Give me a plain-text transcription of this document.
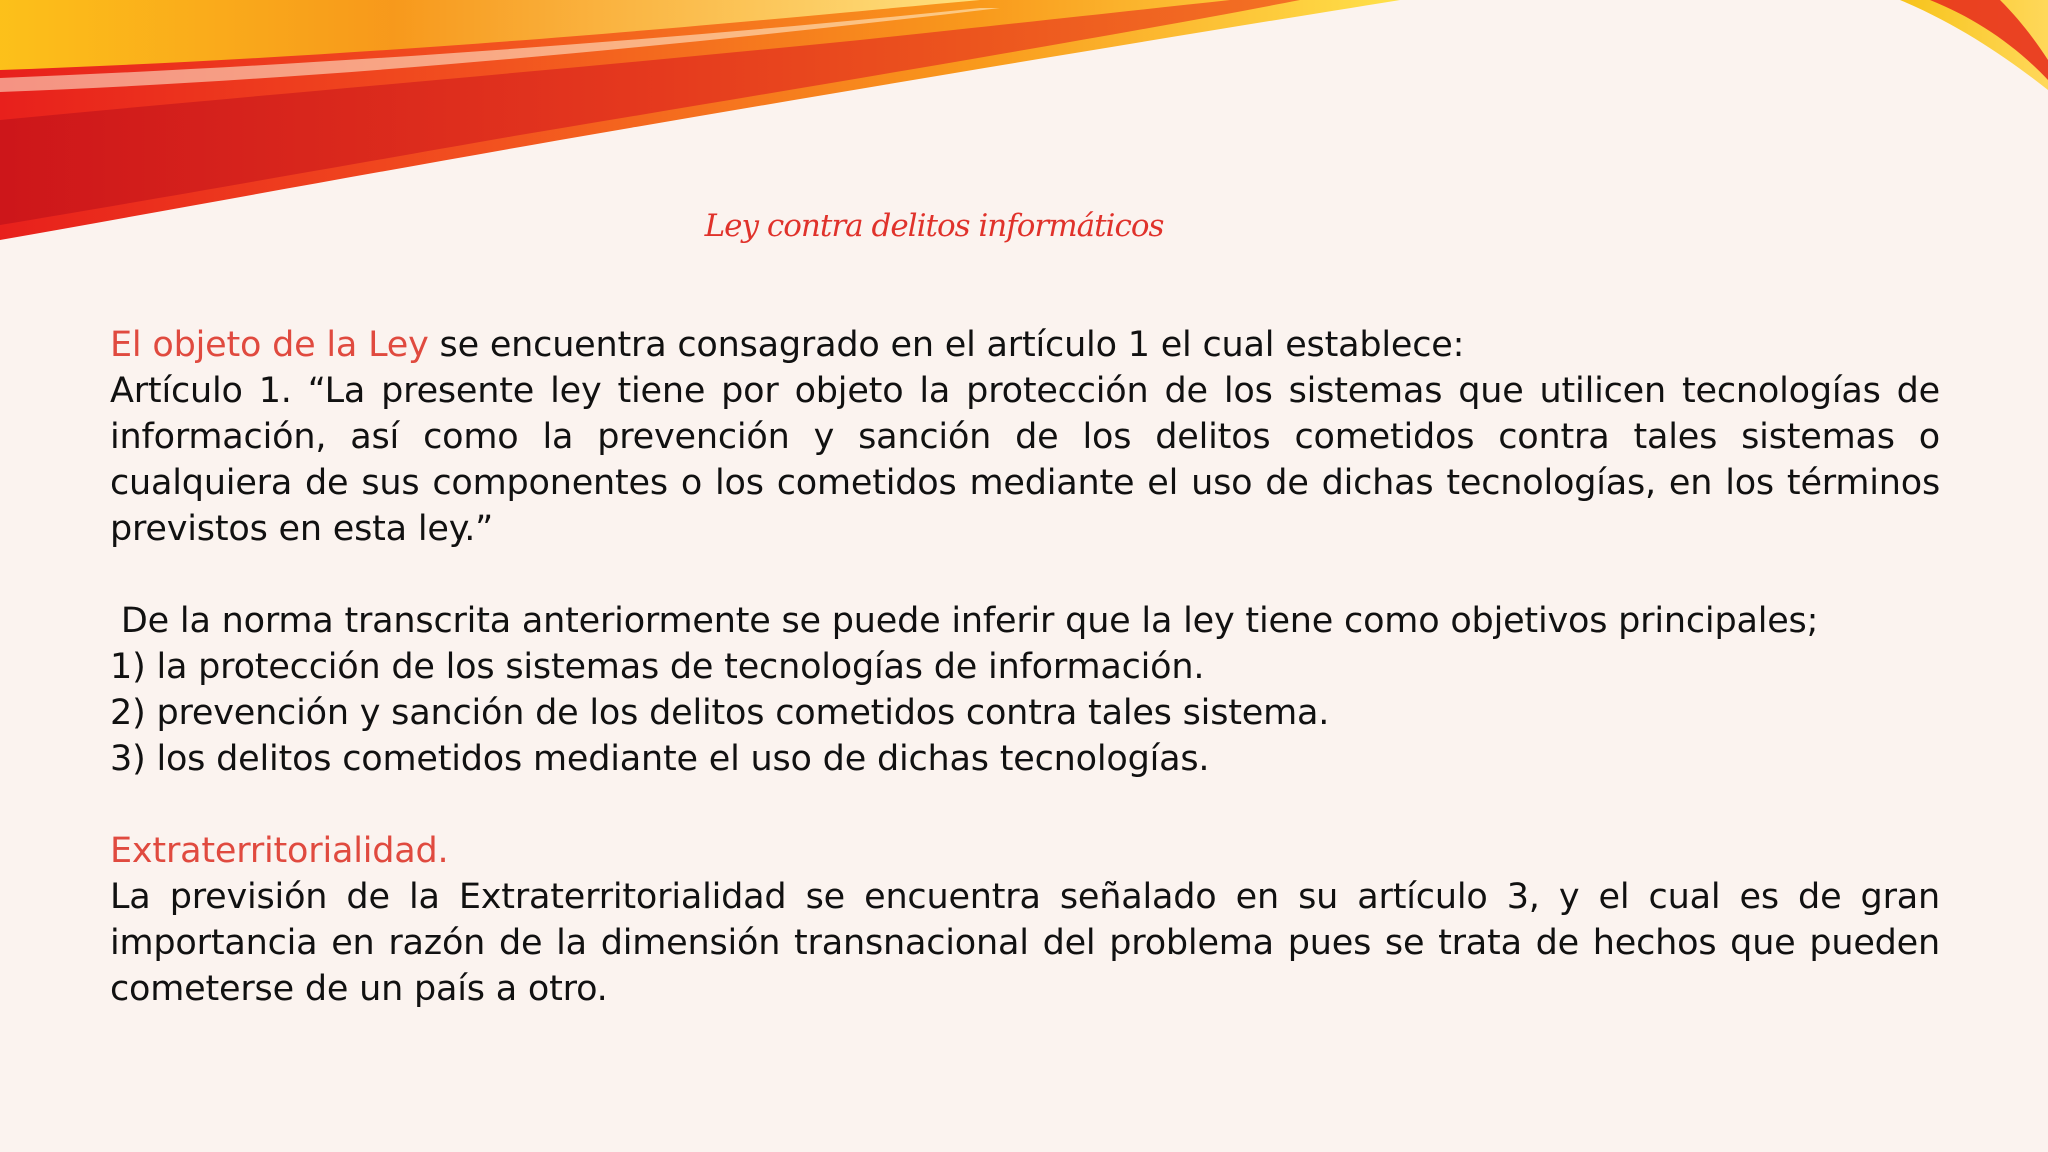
Ley contra delitos informáticos
El objeto de la Ley se encuentra consagrado en el artículo 1 el cual establece:
Artículo 1. “La presente ley tiene por objeto la protección de los sistemas que utilicen tecnologías de información, así como la prevención y sanción de los delitos cometidos contra tales sistemas o cualquiera de sus componentes o los cometidos mediante el uso de dichas tecnologías, en los términos previstos en esta ley.”
De la norma transcrita anteriormente se puede inferir que la ley tiene como objetivos principales;
1) la protección de los sistemas de tecnologías de información.
2) prevención y sanción de los delitos cometidos contra tales sistema.
3) los delitos cometidos mediante el uso de dichas tecnologías.
Extraterritorialidad.
La previsión de la Extraterritorialidad se encuentra señalado en su artículo 3, y el cual es de gran importancia en razón de la dimensión transnacional del problema pues se trata de hechos que pueden cometerse de un país a otro.
